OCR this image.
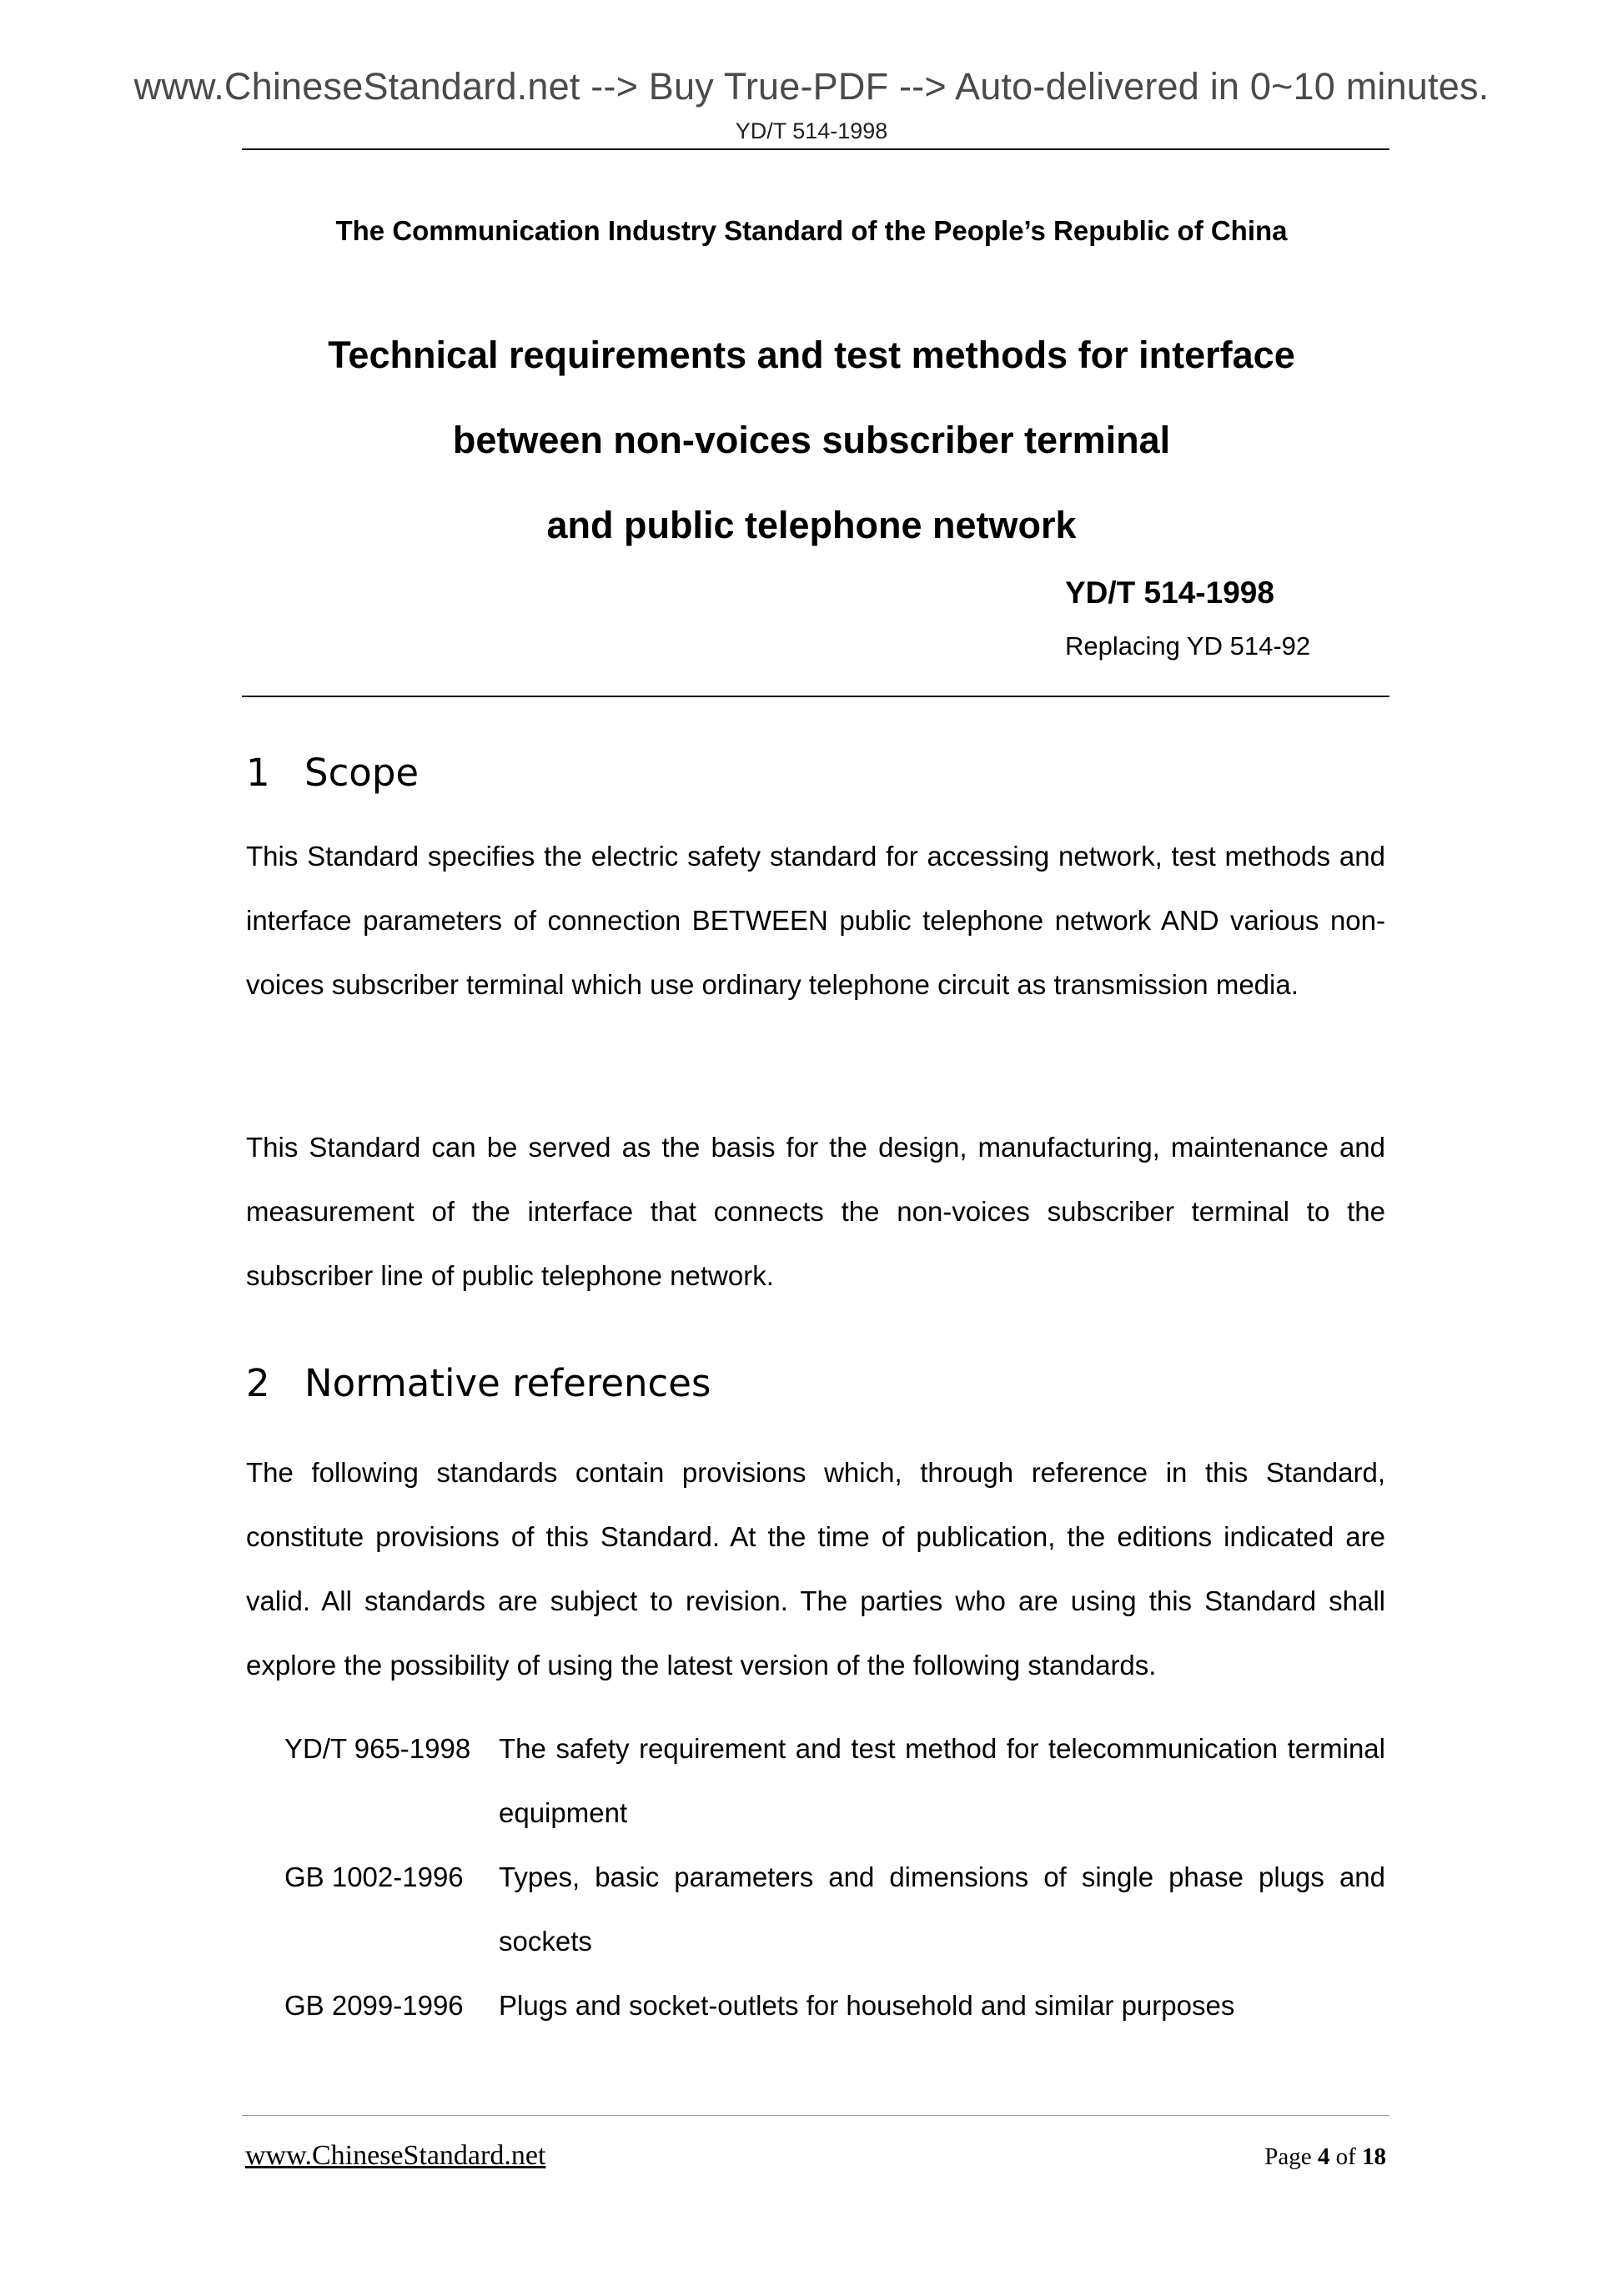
www.ChineseStandard.net --> Buy True-PDF --> Auto-delivered in 0~10 minutes.
YD/T 514-1998
The Communication Industry Standard of the People’s Republic of China
Technical requirements and test methods for interface
between non-voices subscriber terminal
and public telephone network
YD/T 514-1998
Replacing YD 514-92
1 Scope
This Standard specifies the electric safety standard for accessing network, test methods and interface parameters of connection BETWEEN public telephone network AND various non-voices subscriber terminal which use ordinary telephone circuit as transmission media.
This Standard can be served as the basis for the design, manufacturing, maintenance and measurement of the interface that connects the non-voices subscriber terminal to the subscriber line of public telephone network.
2 Normative references
The following standards contain provisions which, through reference in this Standard, constitute provisions of this Standard. At the time of publication, the editions indicated are valid. All standards are subject to revision. The parties who are using this Standard shall explore the possibility of using the latest version of the following standards.
YD/T 965-1998	The safety requirement and test method for telecommunication terminal equipment
GB 1002-1996	Types, basic parameters and dimensions of single phase plugs and sockets
GB 2099-1996	Plugs and socket-outlets for household and similar purposes
www.ChineseStandard.net	Page 4 of 18
